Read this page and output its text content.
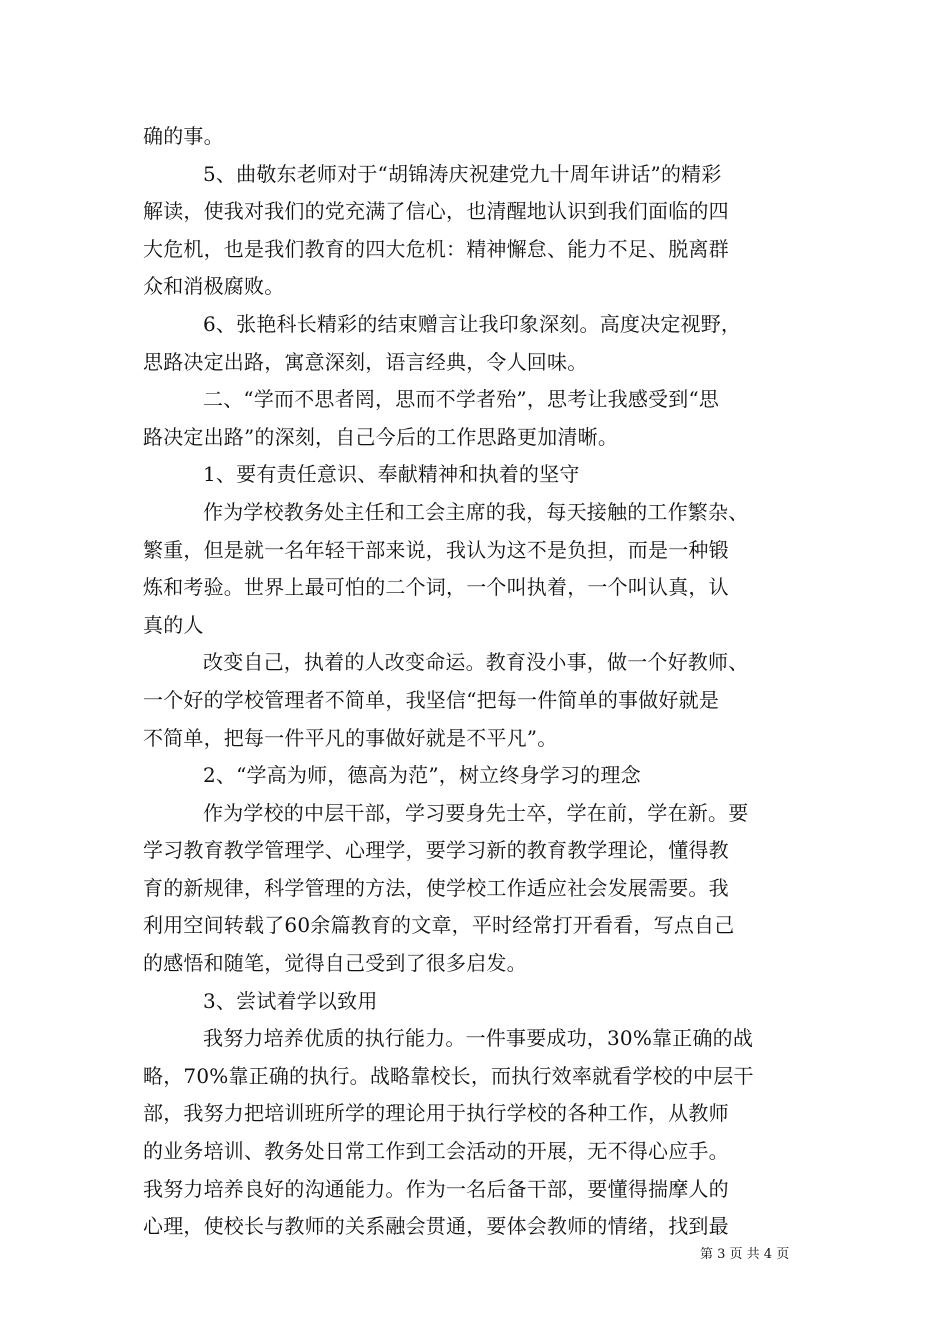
确的事。
5、曲敬东老师对于“胡锦涛庆祝建党九十周年讲话”的精彩
解读，使我对我们的党充满了信心，也清醒地认识到我们面临的四
大危机，也是我们教育的四大危机：精神懈怠、能力不足、脱离群
众和消极腐败。
6、张艳科长精彩的结束赠言让我印象深刻。高度决定视野，
思路决定出路，寓意深刻，语言经典，令人回味。
二、“学而不思者罔，思而不学者殆”，思考让我感受到“思
路决定出路”的深刻，自己今后的工作思路更加清晰。
1、要有责任意识、奉献精神和执着的坚守
作为学校教务处主任和工会主席的我，每天接触的工作繁杂、
繁重，但是就一名年轻干部来说，我认为这不是负担，而是一种锻
炼和考验。世界上最可怕的二个词，一个叫执着，一个叫认真，认
真的人
改变自己，执着的人改变命运。教育没小事，做一个好教师、
一个好的学校管理者不简单，我坚信“把每一件简单的事做好就是
不简单，把每一件平凡的事做好就是不平凡”。
2、“学高为师，德高为范”，树立终身学习的理念
作为学校的中层干部，学习要身先士卒，学在前，学在新。要
学习教育教学管理学、心理学，要学习新的教育教学理论，懂得教
育的新规律，科学管理的方法，使学校工作适应社会发展需要。我
利用空间转载了60余篇教育的文章，平时经常打开看看，写点自己
的感悟和随笔，觉得自己受到了很多启发。
3、尝试着学以致用
我努力培养优质的执行能力。一件事要成功，30%靠正确的战
略，70%靠正确的执行。战略靠校长，而执行效率就看学校的中层干
部，我努力把培训班所学的理论用于执行学校的各种工作，从教师
的业务培训、教务处日常工作到工会活动的开展，无不得心应手。
我努力培养良好的沟通能力。作为一名后备干部，要懂得揣摩人的
心理，使校长与教师的关系融会贯通，要体会教师的情绪，找到最
第 3 页 共 4 页
